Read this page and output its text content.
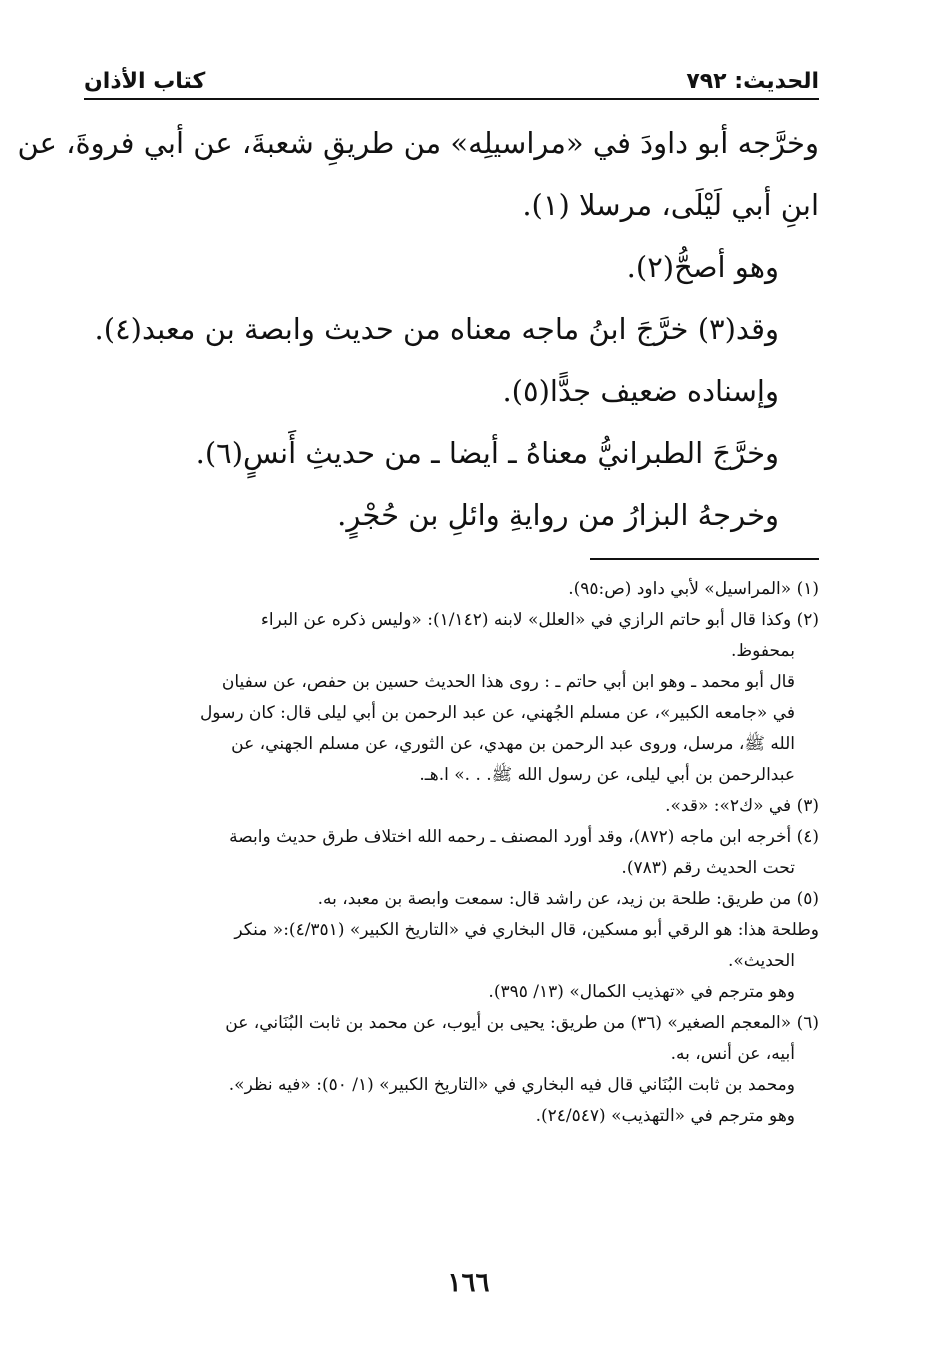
الحديث: ٧٩٢
كتاب الأذان
وخرَّجه أبو داودَ في «مراسيلِه» من طريقِ شعبةَ، عن أبي فروةَ، عن
ابنِ أبي لَيْلَى، مرسلا (١).
وهو أصحُّ(٢).
وقد(٣) خرَّجَ ابنُ ماجه معناه من حديث وابصة بن معبد(٤).
وإسناده ضعيف جدًّا(٥).
وخرَّجَ الطبرانيُّ معناهُ ـ أيضا ـ من حديثِ أَنسٍ(٦).
وخرجهُ البزارُ من روايةِ وائلِ بن حُجْرٍ.
(١) «المراسيل» لأبي داود (ص:٩٥).
(٢) وكذا قال أبو حاتم الرازي في «العلل» لابنه (١/١٤٢): «وليس ذكره عن البراء
بمحفوظ.
قال أبو محمد ـ وهو ابن أبي حاتم ـ : روى هذا الحديث حسين بن حفص، عن سفيان
في «جامعه الكبير»، عن مسلم الجُهني، عن عبد الرحمن بن أبي ليلى قال: كان رسول
الله ﷺ، مرسل، وروى عبد الرحمن بن مهدي، عن الثوري، عن مسلم الجهني، عن
عبدالرحمن بن أبي ليلى، عن رسول الله ﷺ. . .» ا.هـ.
(٣) في «ك٢»: «قد».
(٤) أخرجه ابن ماجه (٨٧٢)، وقد أورد المصنف ـ رحمه الله اختلاف طرق حديث وابصة
تحت الحديث رقم (٧٨٣).
(٥) من طريق: طلحة بن زيد، عن راشد قال: سمعت وابصة بن معبد، به.
وطلحة هذا: هو الرقي أبو مسكين، قال البخاري في «التاريخ الكبير» (٤/٣٥١):« منكر
الحديث».
وهو مترجم في «تهذيب الكمال» (١٣/ ٣٩٥).
(٦) «المعجم الصغير» (٣٦) من طريق: يحيى بن أيوب، عن محمد بن ثابت البُنَاني، عن
أبيه، عن أنس، به.
ومحمد بن ثابت البُنَاني قال فيه البخاري في «التاريخ الكبير» (١/ ٥٠): «فيه نظر».
وهو مترجم في «التهذيب» (٢٤/٥٤٧).
١٦٦
